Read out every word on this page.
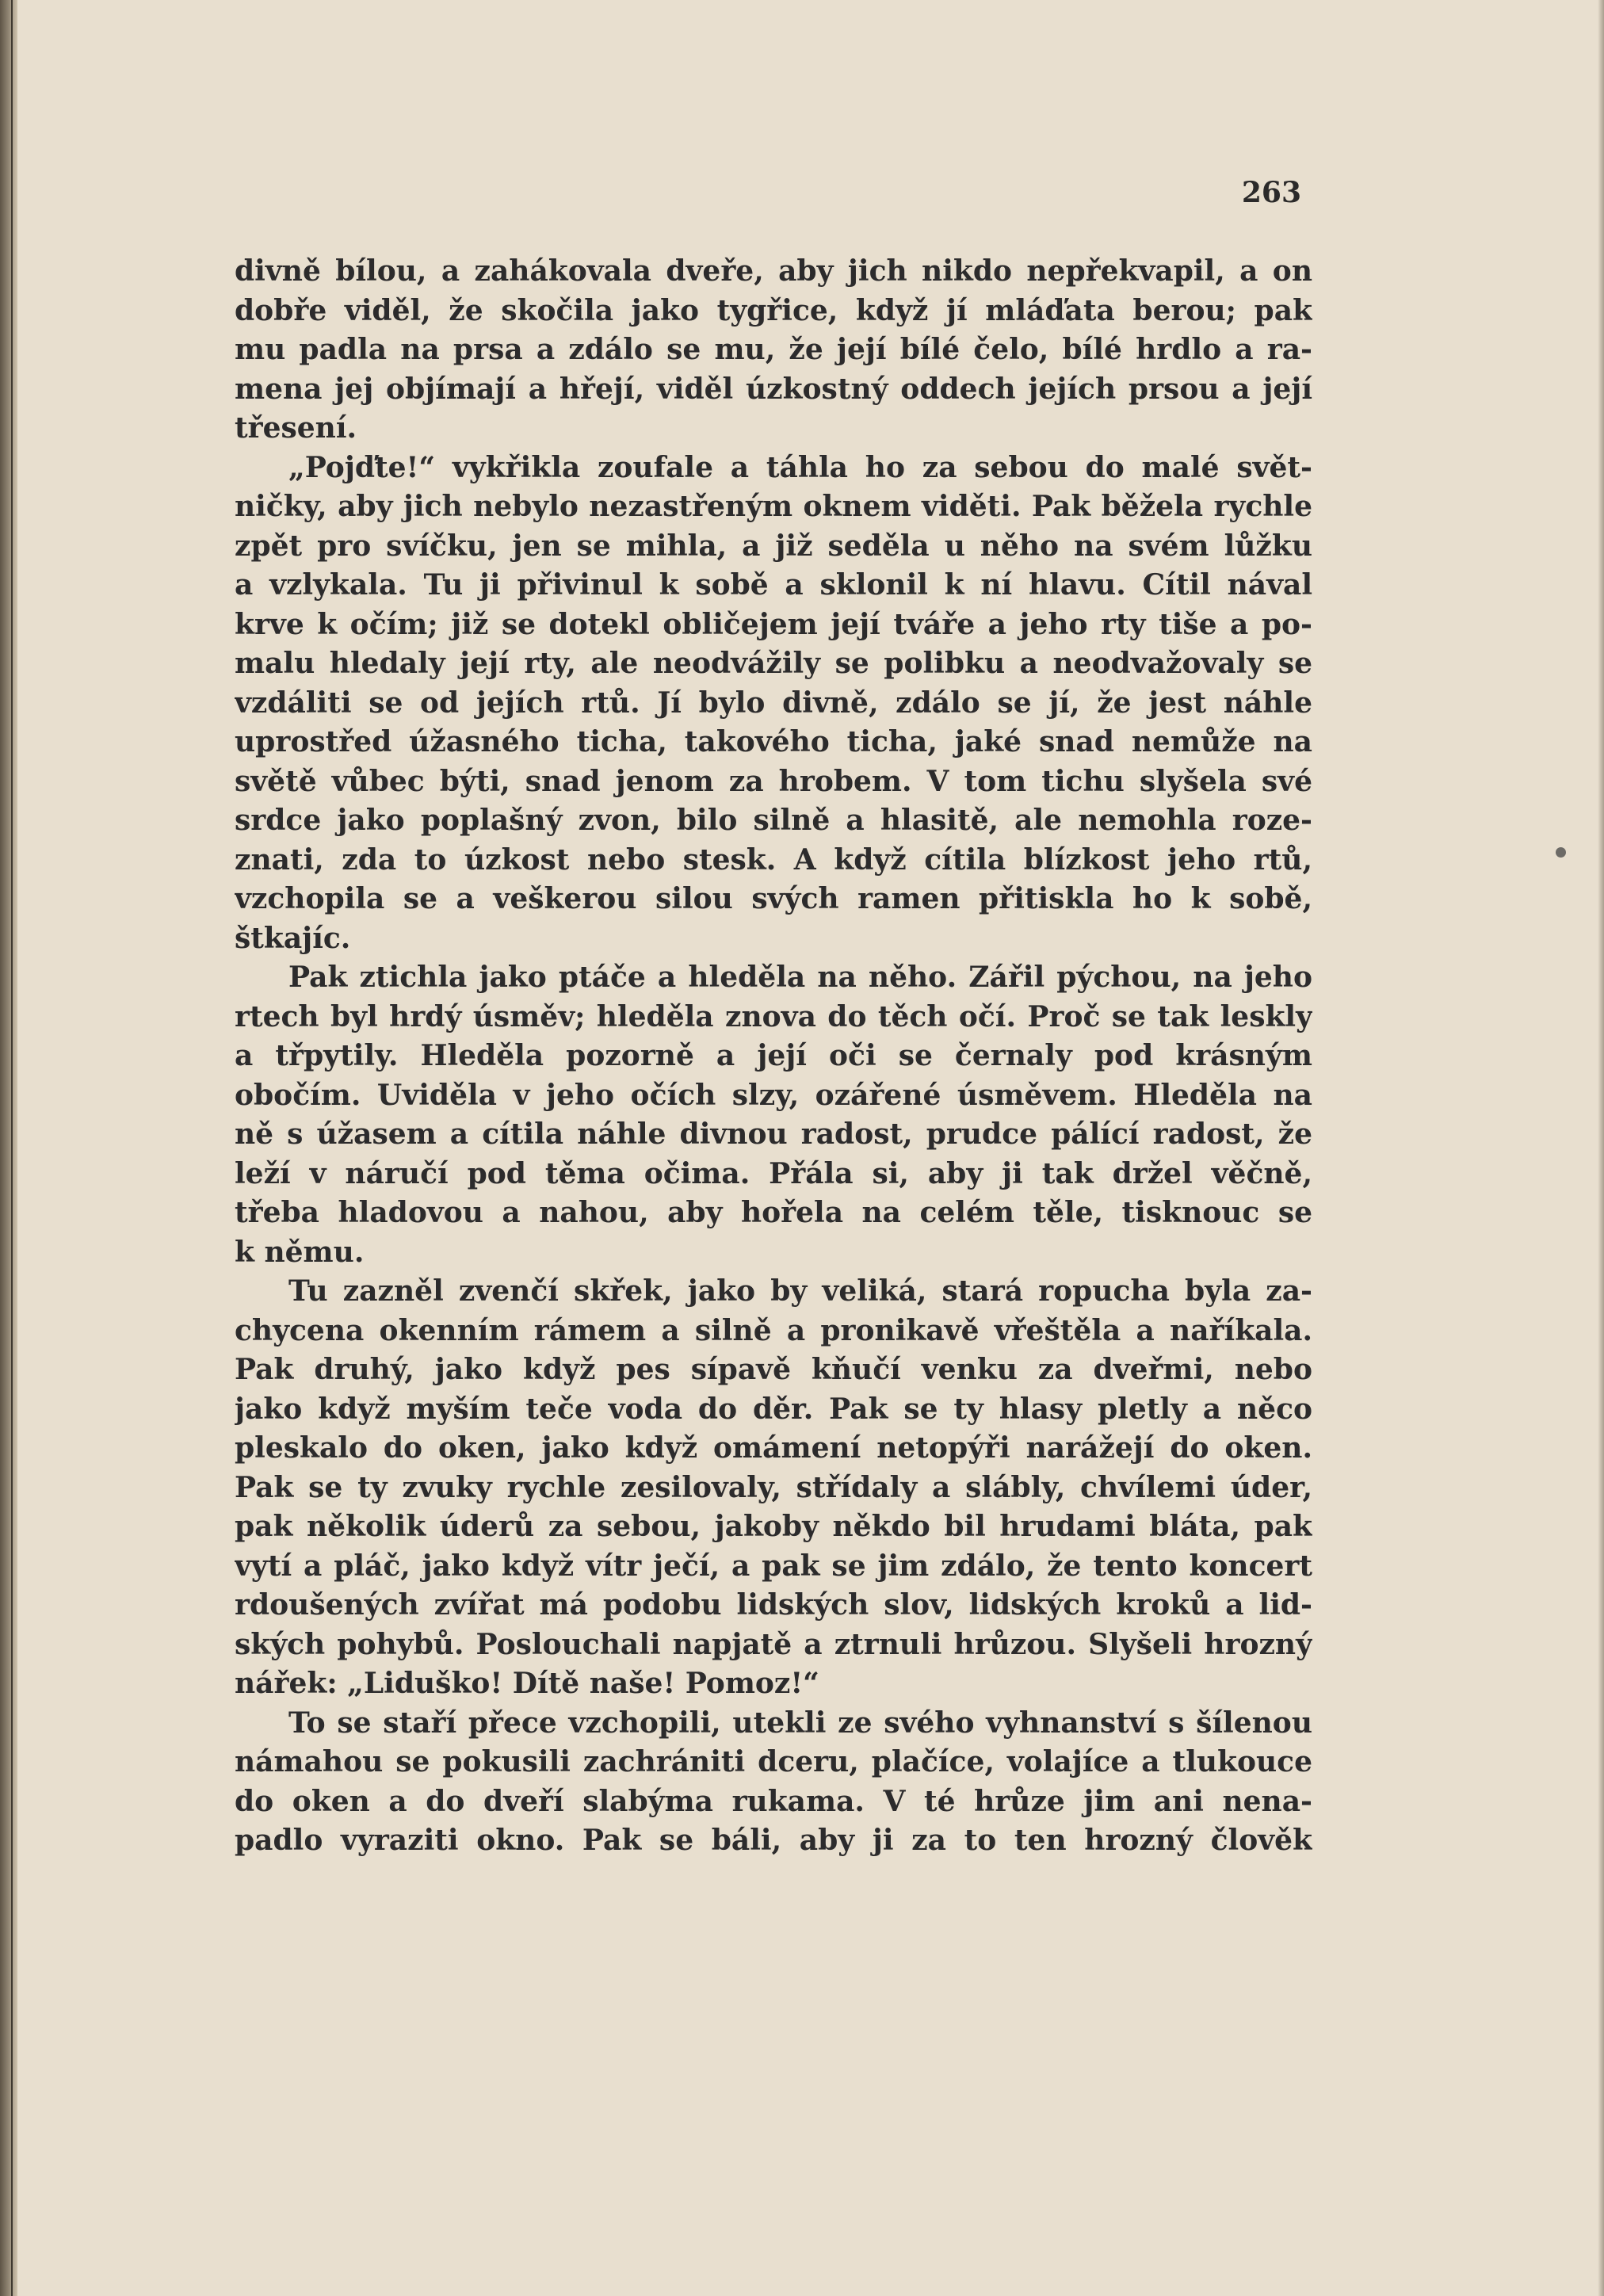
263
divně bílou, a zahákovala dveře, aby jich nikdo nepřekvapil, a on
dobře viděl, že skočila jako tygřice, když jí mláďata berou; pak
mu padla na prsa a zdálo se mu, že její bílé čelo, bílé hrdlo a ra-
mena jej objímají a hřejí, viděl úzkostný oddech jejích prsou a její
třesení.
„Pojďte!“ vykřikla zoufale a táhla ho za sebou do malé svět-
ničky, aby jich nebylo nezastřeným oknem viděti. Pak běžela rychle
zpět pro svíčku, jen se mihla, a již seděla u něho na svém lůžku
a vzlykala. Tu ji přivinul k sobě a sklonil k ní hlavu. Cítil nával
krve k očím; již se dotekl obličejem její tváře a jeho rty tiše a po-
malu hledaly její rty, ale neodvážily se polibku a neodvažovaly se
vzdáliti se od jejích rtů. Jí bylo divně, zdálo se jí, že jest náhle
uprostřed úžasného ticha, takového ticha, jaké snad nemůže na
světě vůbec býti, snad jenom za hrobem. V tom tichu slyšela své
srdce jako poplašný zvon, bilo silně a hlasitě, ale nemohla roze-
znati, zda to úzkost nebo stesk. A když cítila blízkost jeho rtů,
vzchopila se a veškerou silou svých ramen přitiskla ho k sobě,
štkajíc.
Pak ztichla jako ptáče a hleděla na něho. Zářil pýchou, na jeho
rtech byl hrdý úsměv; hleděla znova do těch očí. Proč se tak leskly
a třpytily. Hleděla pozorně a její oči se černaly pod krásným
obočím. Uviděla v jeho očích slzy, ozářené úsměvem. Hleděla na
ně s úžasem a cítila náhle divnou radost, prudce pálící radost, že
leží v náručí pod těma očima. Přála si, aby ji tak držel věčně,
třeba hladovou a nahou, aby hořela na celém těle, tisknouc se
k němu.
Tu zazněl zvenčí skřek, jako by veliká, stará ropucha byla za-
chycena okenním rámem a silně a pronikavě vřeštěla a naříkala.
Pak druhý, jako když pes sípavě kňučí venku za dveřmi, nebo
jako když myším teče voda do děr. Pak se ty hlasy pletly a něco
pleskalo do oken, jako když omámení netopýři narážejí do oken.
Pak se ty zvuky rychle zesilovaly, střídaly a slábly, chvílemi úder,
pak několik úderů za sebou, jakoby někdo bil hrudami bláta, pak
vytí a pláč, jako když vítr ječí, a pak se jim zdálo, že tento koncert
rdoušených zvířat má podobu lidských slov, lidských kroků a lid-
ských pohybů. Poslouchali napjatě a ztrnuli hrůzou. Slyšeli hrozný
nářek: „Liduško! Dítě naše! Pomoz!“
To se staří přece vzchopili, utekli ze svého vyhnanství s šílenou
námahou se pokusili zachrániti dceru, plačíce, volajíce a tlukouce
do oken a do dveří slabýma rukama. V té hrůze jim ani nena-
padlo vyraziti okno. Pak se báli, aby ji za to ten hrozný člověk
